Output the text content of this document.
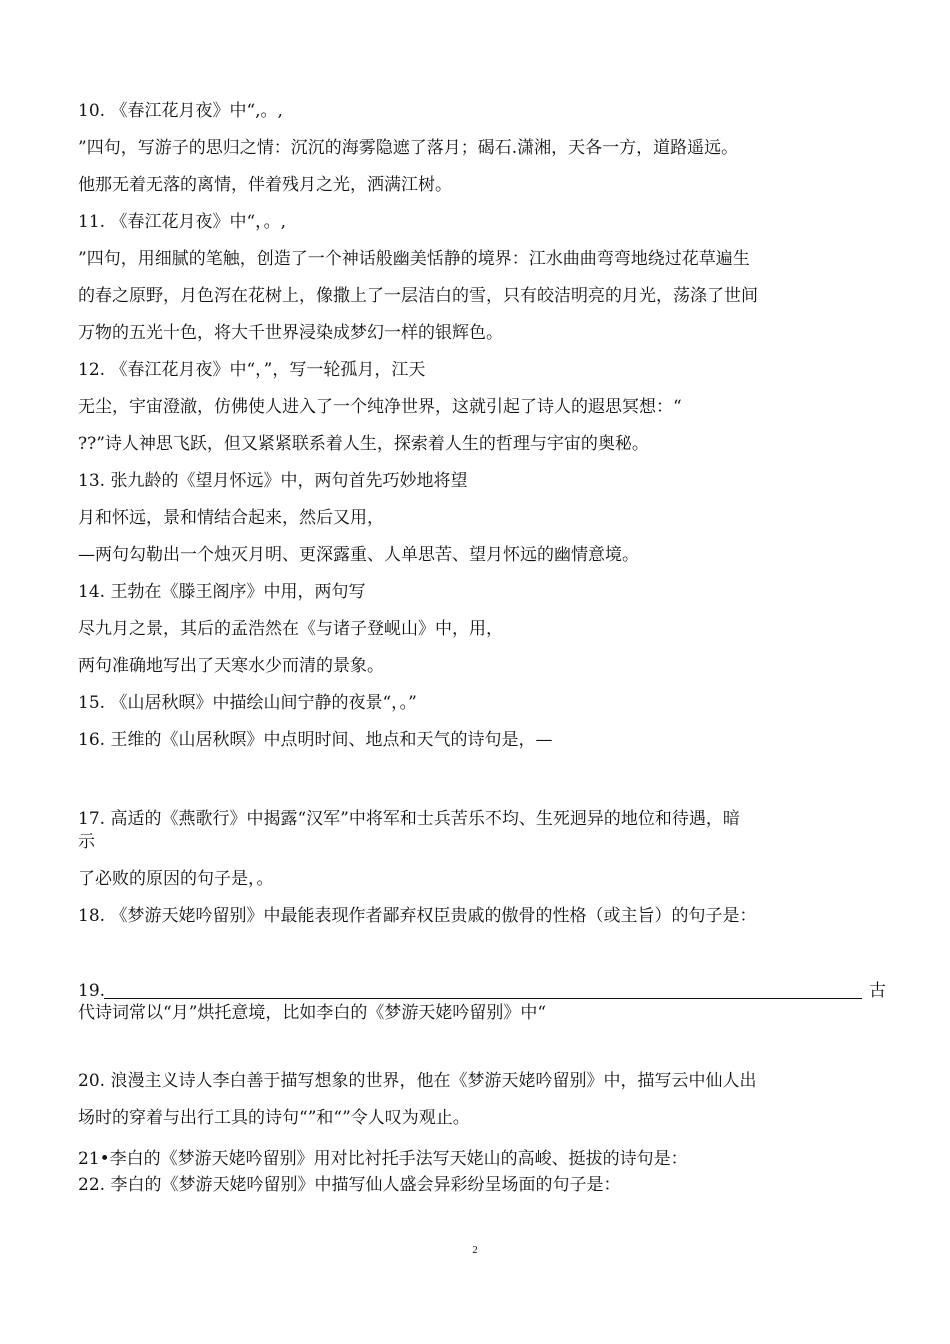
10. 《春江花月夜》中“,。,

”四句，写游子的思归之情：沉沉的海雾隐遮了落月；碣石.潇湘，天各一方，道路遥远。

他那无着无落的离情，伴着残月之光，洒满江树。

11. 《春江花月夜》中“，。,

”四句，用细腻的笔触，创造了一个神话般幽美恬静的境界：江水曲曲弯弯地绕过花草遍生

的春之原野，月色泻在花树上，像撒上了一层洁白的雪，只有皎洁明亮的月光，荡涤了世间

万物的五光十色，将大千世界浸染成梦幻一样的银辉色。

12. 《春江花月夜》中“，”，写一轮孤月，江天

无尘，宇宙澄澈，仿佛使人进入了一个纯净世界，这就引起了诗人的遐思冥想：“

??”诗人神思飞跃，但又紧紧联系着人生，探索着人生的哲理与宇宙的奥秘。

13. 张九龄的《望月怀远》中，两句首先巧妙地将望

月和怀远，景和情结合起来，然后又用，

—两句勾勒出一个烛灭月明、更深露重、人单思苦、望月怀远的幽情意境。

14. 王勃在《滕王阁序》中用，两句写

尽九月之景，其后的孟浩然在《与诸子登岘山》中，用，

两句准确地写出了天寒水少而清的景象。

15. 《山居秋暝》中描绘山间宁静的夜景“，。”

16. 王维的《山居秋暝》中点明时间、地点和天气的诗句是，—

17. 高适的《燕歌行》中揭露“汉军”中将军和士兵苦乐不均、生死迥异的地位和待遇，暗

示

了必败的原因的句子是，。

18. 《梦游天姥吟留别》中最能表现作者鄙弃权臣贵戚的傲骨的性格（或主旨）的句子是：

19.	古

代诗词常以“月”烘托意境，比如李白的《梦游天姥吟留别》中“

20. 浪漫主义诗人李白善于描写想象的世界，他在《梦游天姥吟留别》中，描写云中仙人出

场时的穿着与出行工具的诗句“”和“”令人叹为观止。

21•李白的《梦游天姥吟留别》用对比衬托手法写天姥山的高峻、挺拔的诗句是：

22. 李白的《梦游天姥吟留别》中描写仙人盛会异彩纷呈场面的句子是：

2
